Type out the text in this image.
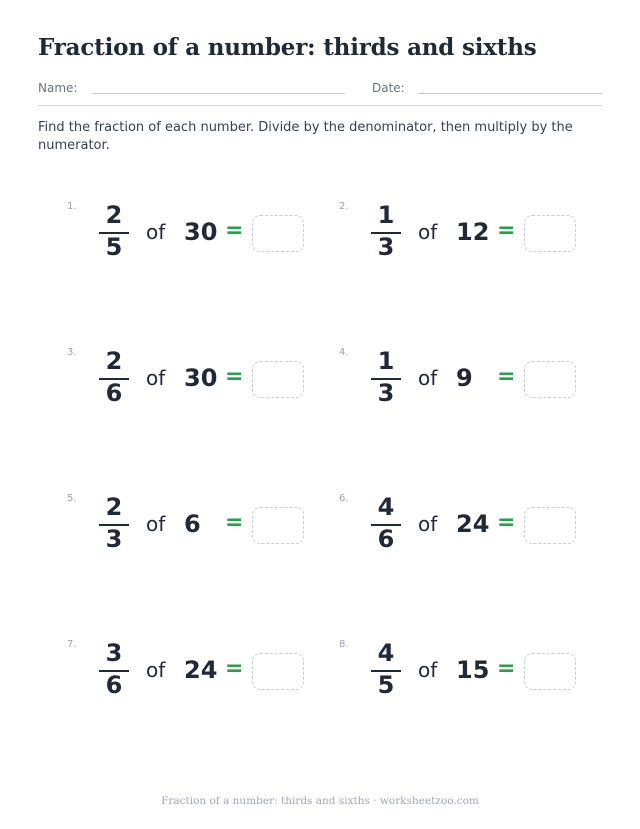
Fraction of a number: thirds and sixths
Name:	Date:
Find the fraction of each number. Divide by the denominator, then multiply by the numerator.
1.	2
5
of 30 =
2.	1
3
of 12 =
3.	2
6
of 30 =
4.	1
3
of 9 =
5.	2
3
of 6 =
6.	4
6
of 24 =
7.	3
6
of 24 =
8.	4
5
of 15 =
Fraction of a number: thirds and sixths · worksheetzoo.com
